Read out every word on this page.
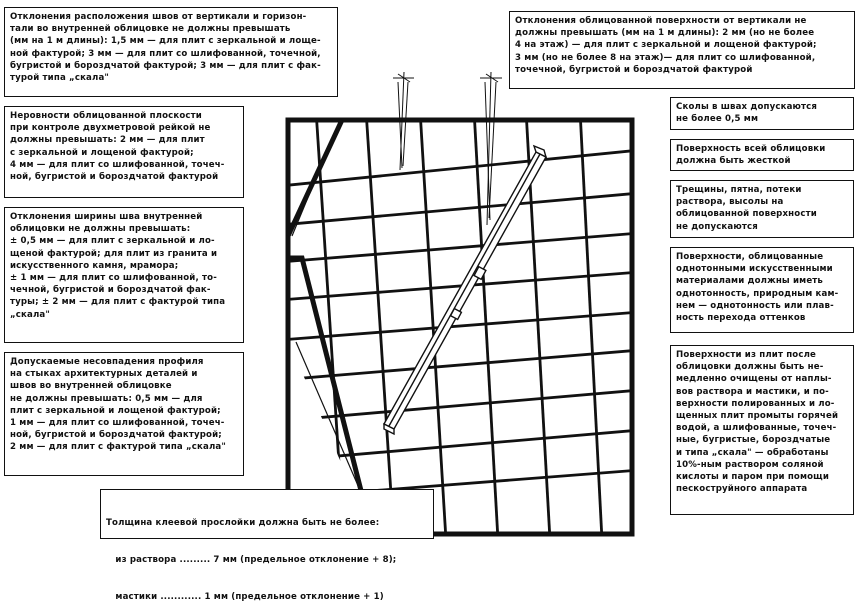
Отклонения расположения швов от вертикали и горизон-
тали во внутренней облицовке не должны превышать
(мм на 1 м длины): 1,5 мм — для плит с зеркальной и лоще-
ной фактурой; 3 мм — для плит со шлифованной, точечной,
бугристой и бороздчатой фактурой; 3 мм — для плит с фак-
турой типа „скала"
Отклонения облицованной поверхности от вертикали не
должны превышать (мм на 1 м длины): 2 мм (но не более
4 на этаж) — для плит с зеркальной и лощеной фактурой;
3 мм (но не более 8 на этаж)— для плит со шлифованной,
точечной, бугристой и бороздчатой фактурой
Неровности облицованной плоскости
при контроле двухметровой рейкой не
должны превышать: 2 мм — для плит
с зеркальной и лощеной фактурой;
4 мм — для плит со шлифованной, точеч-
ной, бугристой и бороздчатой фактурой
Сколы в швах допускаются
не более 0,5 мм
Поверхность всей облицовки
должна быть жесткой
Трещины, пятна, потеки
раствора, высолы на
облицованной поверхности
не допускаются
Отклонения ширины шва внутренней
облицовки не должны превышать:
± 0,5 мм — для плит с зеркальной и ло-
щеной фактурой; для плит из гранита и
искусственного камня, мрамора;
± 1 мм — для плит со шлифованной, то-
чечной, бугристой и бороздчатой фак-
туры; ± 2 мм — для плит с фактурой типа
„скала"
Поверхности, облицованные
однотонными искусственными
материалами должны иметь
однотонность, природным кам-
нем — однотонность или плав-
ность перехода оттенков
Допускаемые несовпадения профиля
на стыках архитектурных деталей и
швов во внутренней облицовке
не должны превышать: 0,5 мм — для
плит с зеркальной и лощеной фактурой;
1 мм — для плит со шлифованной, точеч-
ной, бугристой и бороздчатой фактурой;
2 мм — для плит с фактурой типа „скала"
Поверхности из плит после
облицовки должны быть не-
медленно очищены от наплы-
вов раствора и мастики, и по-
верхности полированных и ло-
щенных плит промыты горячей
водой, а шлифованные, точеч-
ные, бугристые, бороздчатые
и типа „скала" — обработаны
10%-ным раствором соляной
кислоты и паром при помощи
пескоструйного аппарата

Толщина клеевой прослойки должна быть не более:

из раствора ......... 7 мм (предельное отклонение + 8);

мастики ............ 1 мм (предельное отклонение + 1)
